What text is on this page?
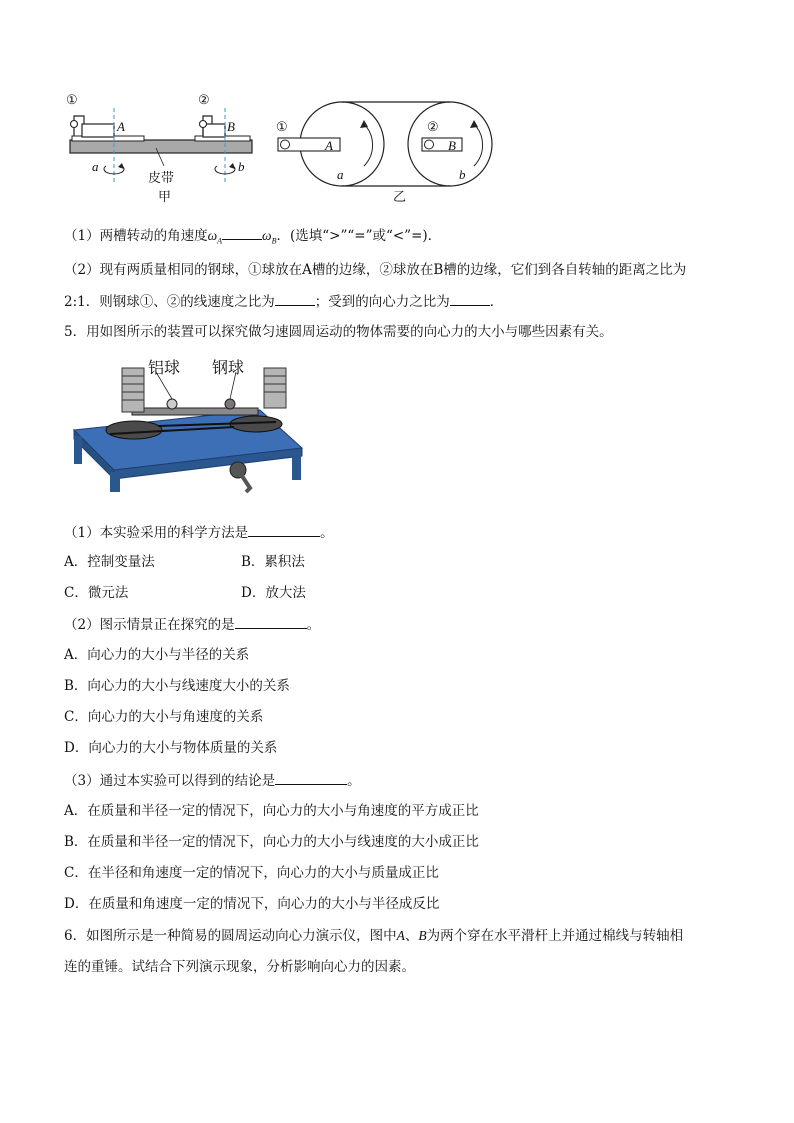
①	②
A	B
a	b
皮带
甲
①	②
A	B
a	b
乙
（1）两槽转动的角速度$\omega_A$	$\omega_B$．(选填“>”“=”或“<”=)．
（2）现有两质量相同的钢球，①球放在A槽的边缘，②球放在B槽的边缘，它们到各自转轴的距离之比为
2:1．则钢球①、②的线速度之比为	；受到的向心力之比为	．
5．用如图所示的装置可以探究做匀速圆周运动的物体需要的向心力的大小与哪些因素有关。
铝球 钢球
（1）本实验采用的科学方法是	。
A．控制变量法	B．累积法
C．微元法	D．放大法
（2）图示情景正在探究的是	。
A．向心力的大小与半径的关系
B．向心力的大小与线速度大小的关系
C．向心力的大小与角速度的关系
D．向心力的大小与物体质量的关系
（3）通过本实验可以得到的结论是	。
A．在质量和半径一定的情况下，向心力的大小与角速度的平方成正比
B．在质量和半径一定的情况下，向心力的大小与线速度的大小成正比
C．在半径和角速度一定的情况下，向心力的大小与质量成正比
D．在质量和角速度一定的情况下，向心力的大小与半径成反比
6．如图所示是一种简易的圆周运动向心力演示仪，图中A、B为两个穿在水平滑杆上并通过棉线与转轴相
连的重锤。试结合下列演示现象，分析影响向心力的因素。
